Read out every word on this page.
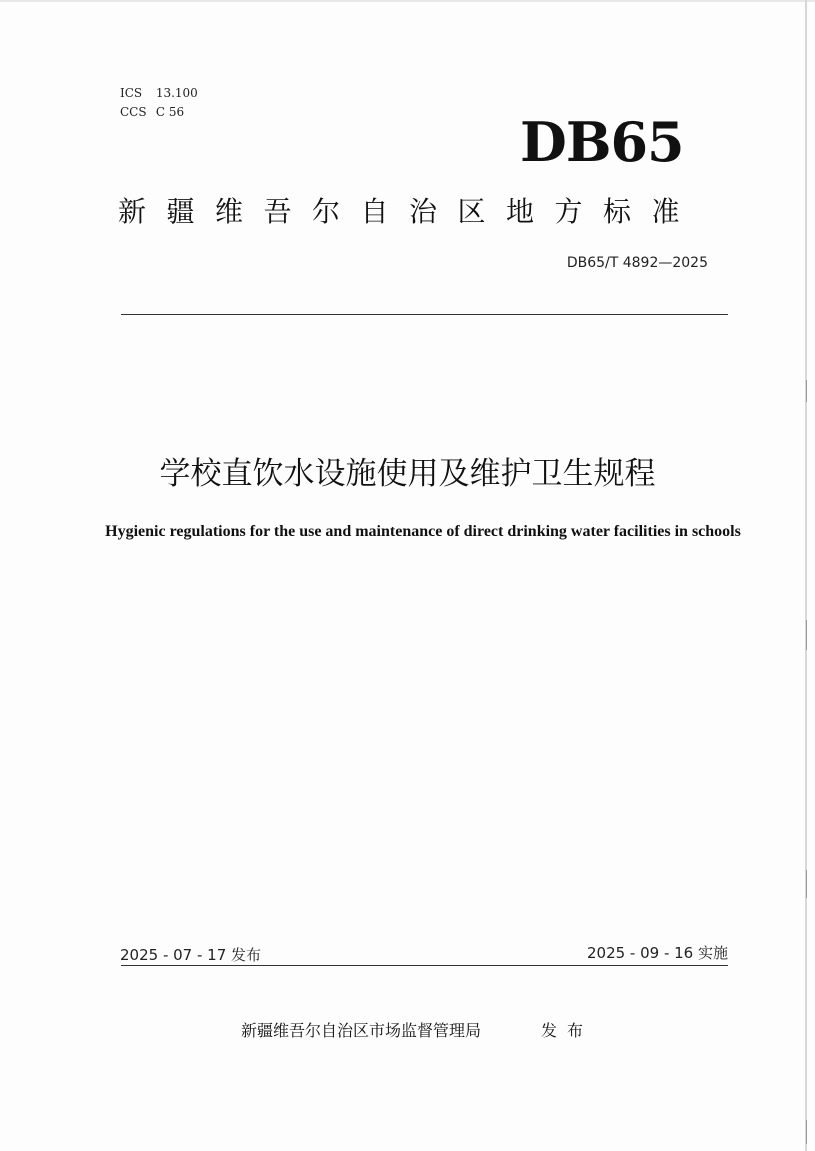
ICS 13.100
CCS C 56	DB65
新疆维吾尔自治区地方标准
DB65/T 4892—2025
学校直饮水设施使用及维护卫生规程
Hygienic regulations for the use and maintenance of direct drinking water facilities in schools
2025 - 07 - 17 发布	2025 - 09 - 16 实施
新疆维吾尔自治区市场监督管理局	发布
